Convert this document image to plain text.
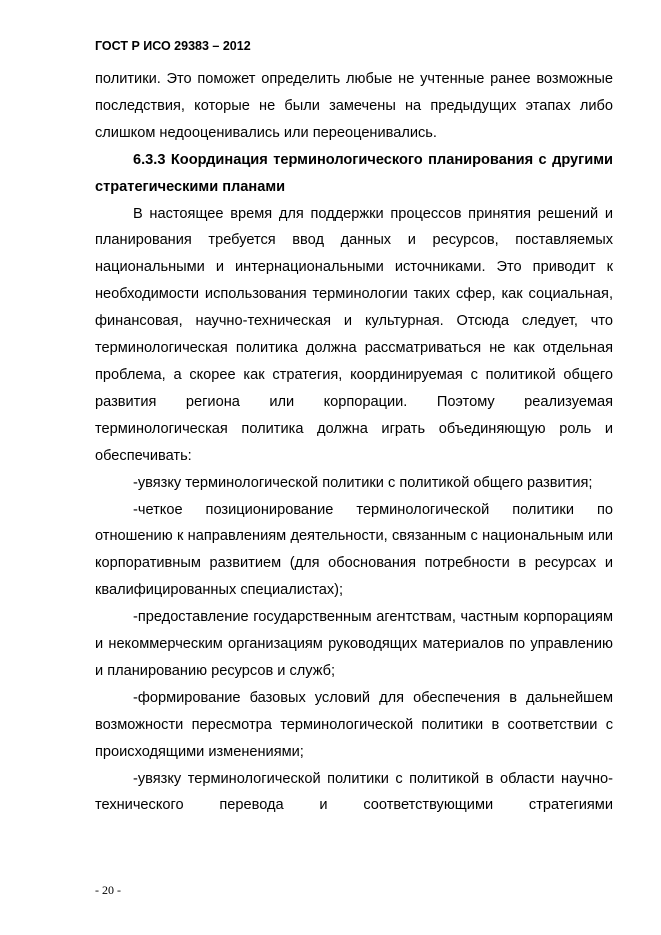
ГОСТ Р ИСО 29383 – 2012

политики. Это поможет определить любые не учтенные ранее возможные последствия, которые не были замечены на предыдущих этапах либо слишком недооценивались или переоценивались.

6.3.3 Координация терминологического планирования с другими стратегическими планами

В настоящее время для поддержки процессов принятия решений и планирования требуется ввод данных и ресурсов, поставляемых национальными и интернациональными источниками. Это приводит к необходимости использования терминологии таких сфер, как социальная, финансовая, научно-техническая и культурная. Отсюда следует, что терминологическая политика должна рассматриваться не как отдельная проблема, а скорее как стратегия, координируемая с политикой общего развития региона или корпорации. Поэтому реализуемая терминологическая политика должна играть объединяющую роль и обеспечивать:

-увязку терминологической политики с политикой общего развития;

-четкое позиционирование терминологической политики по отношению к направлениям деятельности, связанным с национальным или корпоративным развитием (для обоснования потребности в ресурсах и квалифицированных специалистах);

-предоставление государственным агентствам, частным корпорациям и некоммерческим организациям руководящих материалов по управлению и планированию ресурсов и служб;

-формирование базовых условий для обеспечения в дальнейшем возможности пересмотра терминологической политики в соответствии с происходящими изменениями;

-увязку терминологической политики с политикой в области научно-технического перевода и соответствующими стратегиями

- 20 -
